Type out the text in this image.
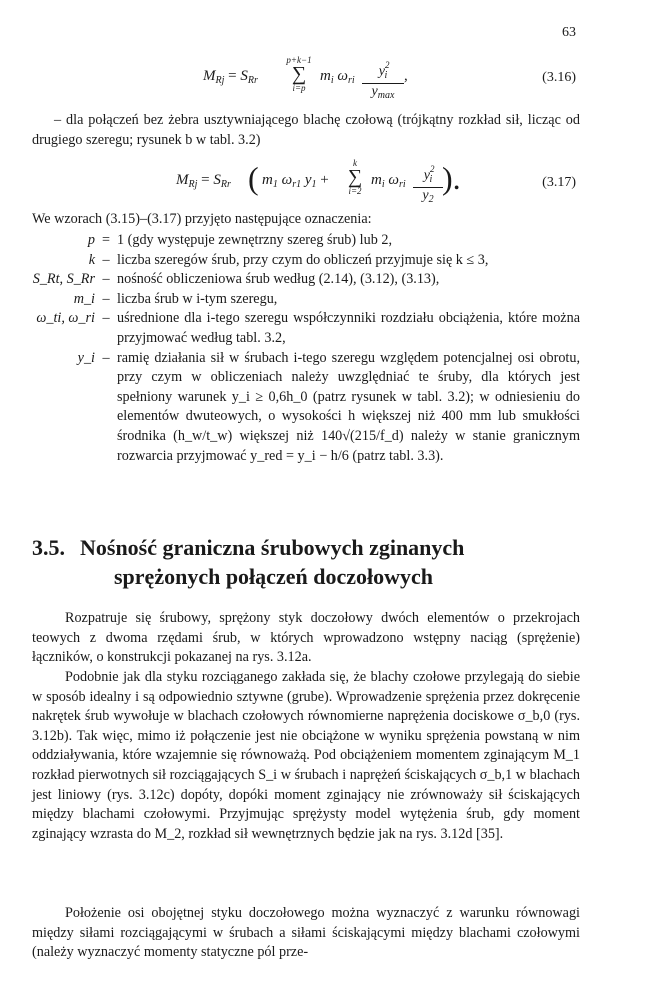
63
$M_{Rj} = S_{Rr}$
p+k−1
∑
i=p
$m_i$ $\omega_{ri}$
$y^2_i$
$y_{max}$
,	(3.16)
– dla połączeń bez żebra usztywniającego blachę czołową (trójkątny rozkład sił, licząc od drugiego szeregu; rysunek b w tabl. 3.2)
$M_{Rj} = S_{Rr}$ ( $m_1$ $\omega_{r1}$ $y_1$ +
k
∑
i=2
$m_i$ $\omega_{ri} \frac{y^2_i}{y_2}$ ).	(3.17)
We wzorach (3.15)–(3.17) przyjęto następujące oznaczenia:
p = 1 (gdy występuje zewnętrzny szereg śrub) lub 2,
k – liczba szeregów śrub, przy czym do obliczeń przyjmuje się k ≤ 3,
S_Rt, S_Rr – nośność obliczeniowa śrub według (2.14), (3.12), (3.13),
m_i – liczba śrub w i-tym szeregu,
ω_ti, ω_ri – uśrednione dla i-tego szeregu współczynniki rozdziału obciążenia, które można przyjmować według tabl. 3.2,
y_i – ramię działania sił w śrubach i-tego szeregu względem potencjalnej osi obrotu, przy czym w obliczeniach należy uwzględniać te śruby, dla których jest spełniony warunek y_i ≥ 0,6h_0 (patrz rysunek w tabl. 3.2); w odniesieniu do elementów dwuteowych, o wysokości h większej niż 400 mm lub smukłości środnika (h_w/t_w) większej niż 140√(215/f_d) należy w stanie granicznym rozwarcia przyjmować y_red = y_i − h/6 (patrz tabl. 3.3).
3.5. Nośność graniczna śrubowych zginanych
sprężonych połączeń doczołowych
Rozpatruje się śrubowy, sprężony styk doczołowy dwóch elementów o przekrojach teowych z dwoma rzędami śrub, w których wprowadzono wstępny naciąg (sprężenie) łączników, o konstrukcji pokazanej na rys. 3.12a.
Podobnie jak dla styku rozciąganego zakłada się, że blachy czołowe przylegają do siebie w sposób idealny i są odpowiednio sztywne (grube). Wprowadzenie sprężenia przez dokręcenie nakrętek śrub wywołuje w blachach czołowych równomierne naprężenia dociskowe σ_b,0 (rys. 3.12b). Tak więc, mimo iż połączenie jest nie obciążone w wyniku sprężenia powstaną w nim oddziaływania, które wzajemnie się równoważą. Pod obciążeniem momentem zginającym M_1 rozkład pierwotnych sił rozciągających S_i w śrubach i naprężeń ściskających σ_b,1 w blachach jest liniowy (rys. 3.12c) dopóty, dopóki moment zginający nie zrównoważy sił ściskających między blachami czołowymi. Przyjmując sprężysty model wytężenia śrub, gdy moment zginający wzrasta do M_2, rozkład sił wewnętrznych będzie jak na rys. 3.12d [35].
Położenie osi obojętnej styku doczołowego można wyznaczyć z warunku równowagi między siłami rozciągającymi w śrubach a siłami ściskającymi między blachami czołowymi (należy wyznaczyć momenty statyczne pól prze-
